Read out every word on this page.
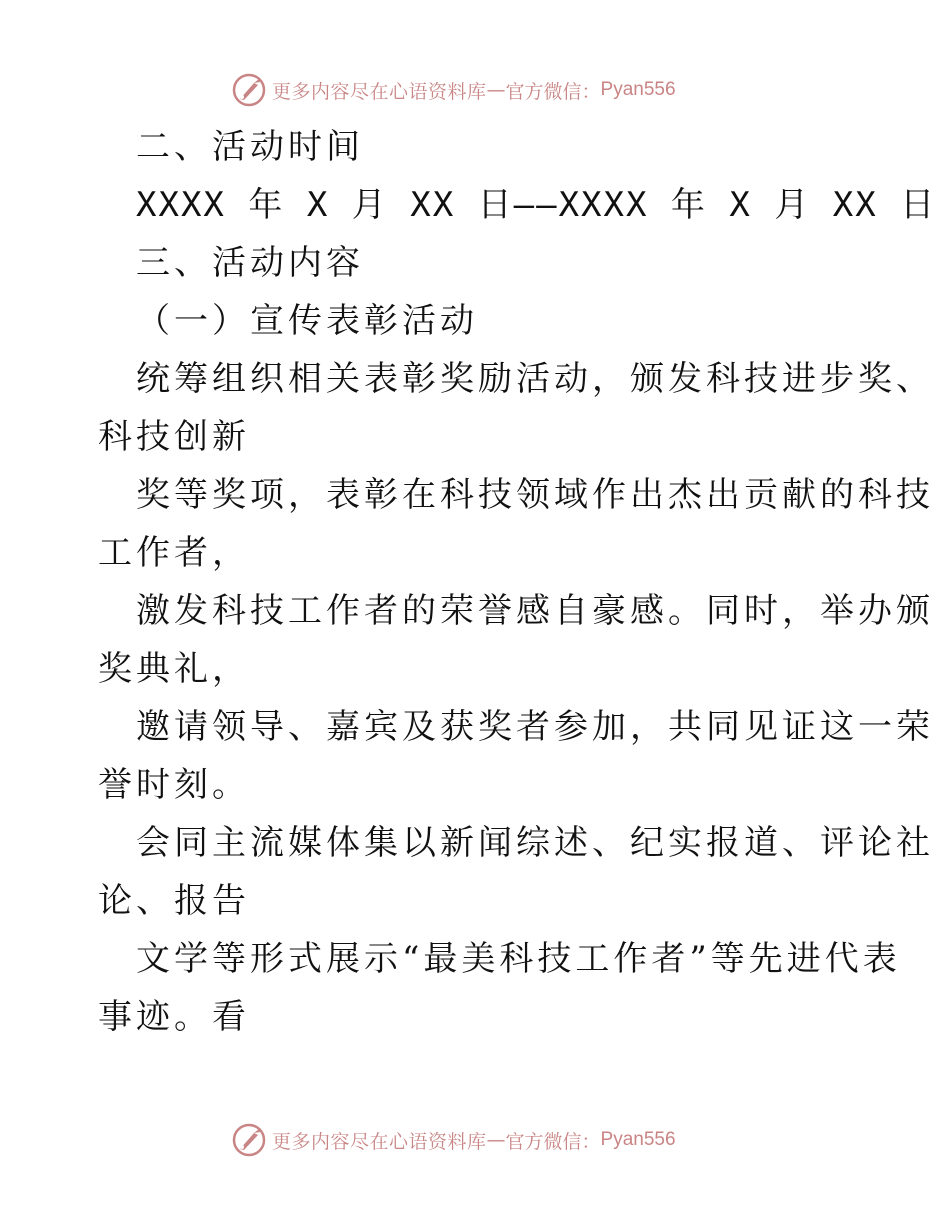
更多内容尽在心语资料库 — 官方微信： Pyan556
二、活动时间
XXXX 年 X 月 XX 日——XXXX 年 X 月 XX 日
三、活动内容
（一）宣传表彰活动
统筹组织相关表彰奖励活动，颁发科技进步奖、
科技创新
奖等奖项，表彰在科技领域作出杰出贡献的科技
工作者，
激发科技工作者的荣誉感自豪感。同时，举办颁
奖典礼，
邀请领导、嘉宾及获奖者参加，共同见证这一荣
誉时刻。
会同主流媒体集以新闻综述、纪实报道、评论社
论、报告
文学等形式展示“最美科技工作者”等先进代表
事迹。看
更多内容尽在心语资料库 — 官方微信： Pyan556
